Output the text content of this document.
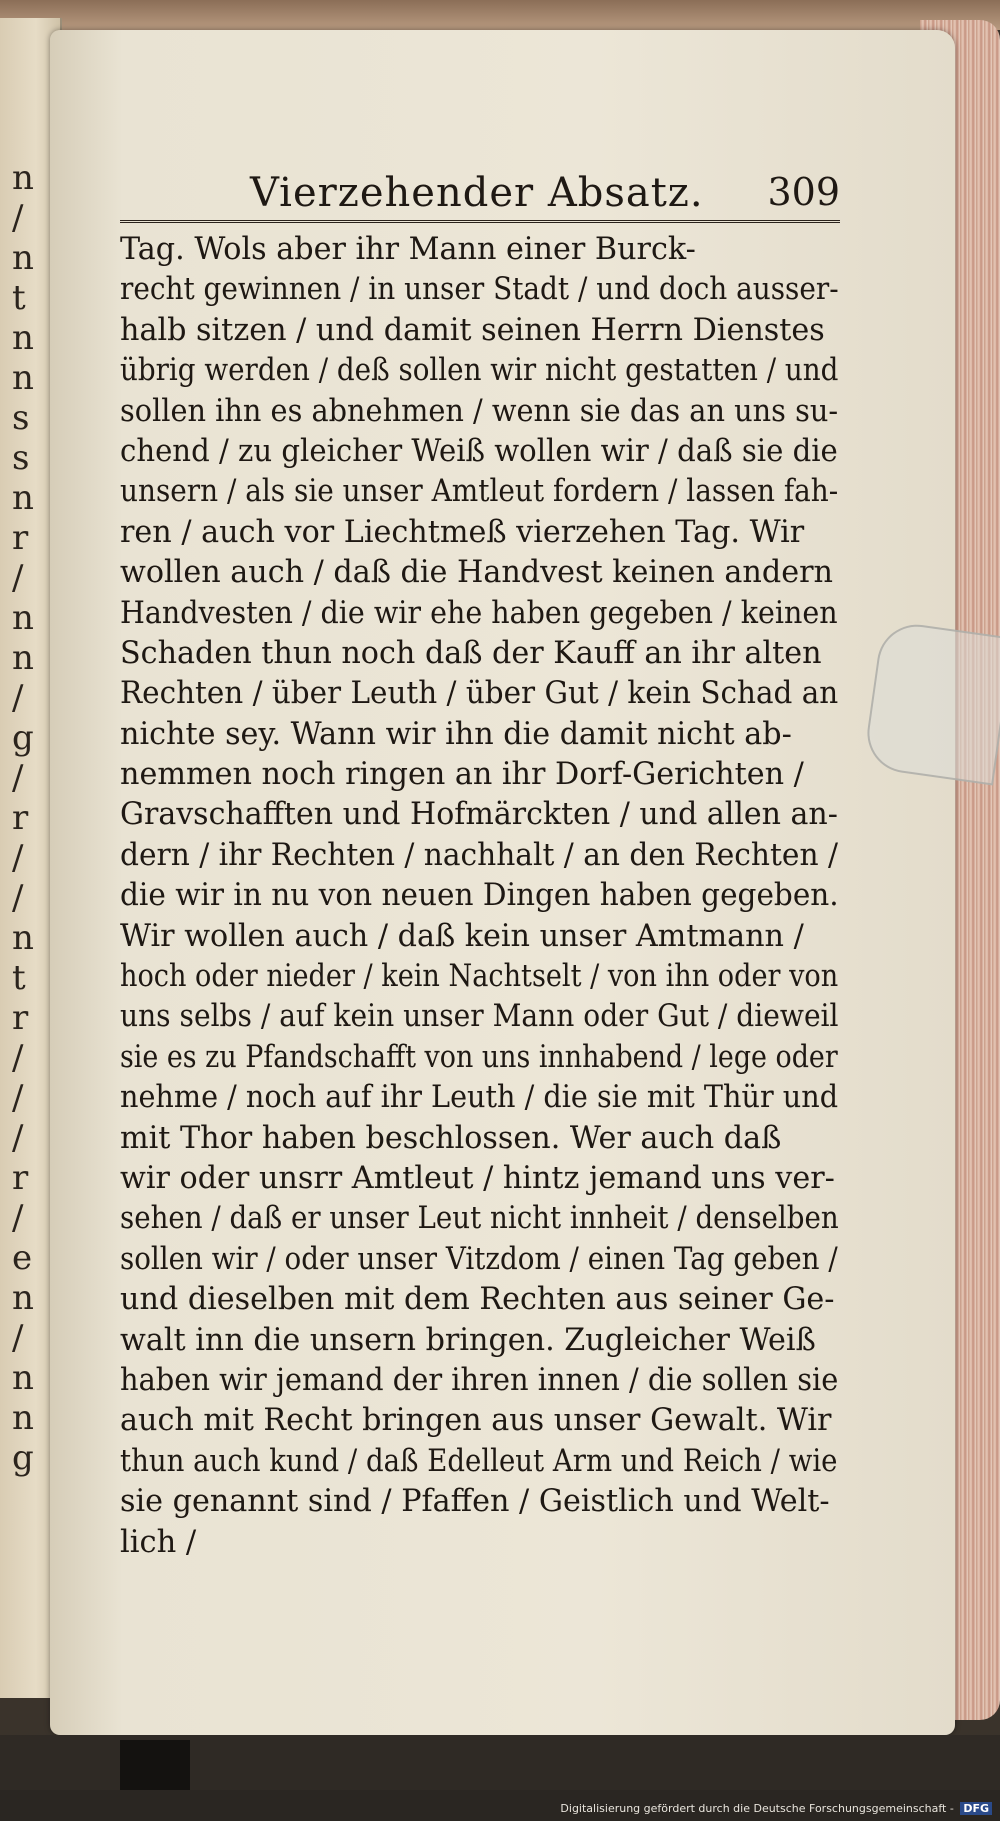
n
/
n
t
n
n
s
s
n
r
/
n
n
/
g
/
r
/
/
n
t
r
/
/
/
r
/
e
n
/
n
n
g
Vierzehender Absatz. 309
Tag. Wols aber ihr Mann einer Burck-
recht gewinnen / in unser Stadt / und doch ausser-
halb sitzen / und damit seinen Herrn Dienstes
übrig werden / deß sollen wir nicht gestatten / und
sollen ihn es abnehmen / wenn sie das an uns su-
chend / zu gleicher Weiß wollen wir / daß sie die
unsern / als sie unser Amtleut fordern / lassen fah-
ren / auch vor Liechtmeß vierzehen Tag. Wir
wollen auch / daß die Handvest keinen andern
Handvesten / die wir ehe haben gegeben / keinen
Schaden thun noch daß der Kauff an ihr alten
Rechten / über Leuth / über Gut / kein Schad an
nichte sey. Wann wir ihn die damit nicht ab-
nemmen noch ringen an ihr Dorf-Gerichten /
Gravschafften und Hofmärckten / und allen an-
dern / ihr Rechten / nachhalt / an den Rechten /
die wir in nu von neuen Dingen haben gegeben.
Wir wollen auch / daß kein unser Amtmann /
hoch oder nieder / kein Nachtselt / von ihn oder von
uns selbs / auf kein unser Mann oder Gut / dieweil
sie es zu Pfandschafft von uns innhabend / lege oder
nehme / noch auf ihr Leuth / die sie mit Thür und
mit Thor haben beschlossen. Wer auch daß
wir oder unsrr Amtleut / hintz jemand uns ver-
sehen / daß er unser Leut nicht innheit / denselben
sollen wir / oder unser Vitzdom / einen Tag geben /
und dieselben mit dem Rechten aus seiner Ge-
walt inn die unsern bringen. Zugleicher Weiß
haben wir jemand der ihren innen / die sollen sie
auch mit Recht bringen aus unser Gewalt. Wir
thun auch kund / daß Edelleut Arm und Reich / wie
sie genannt sind / Pfaffen / Geistlich und Welt-
lich /
Digitalisierung gefördert durch die Deutsche Forschungsgemeinschaft - DFG
